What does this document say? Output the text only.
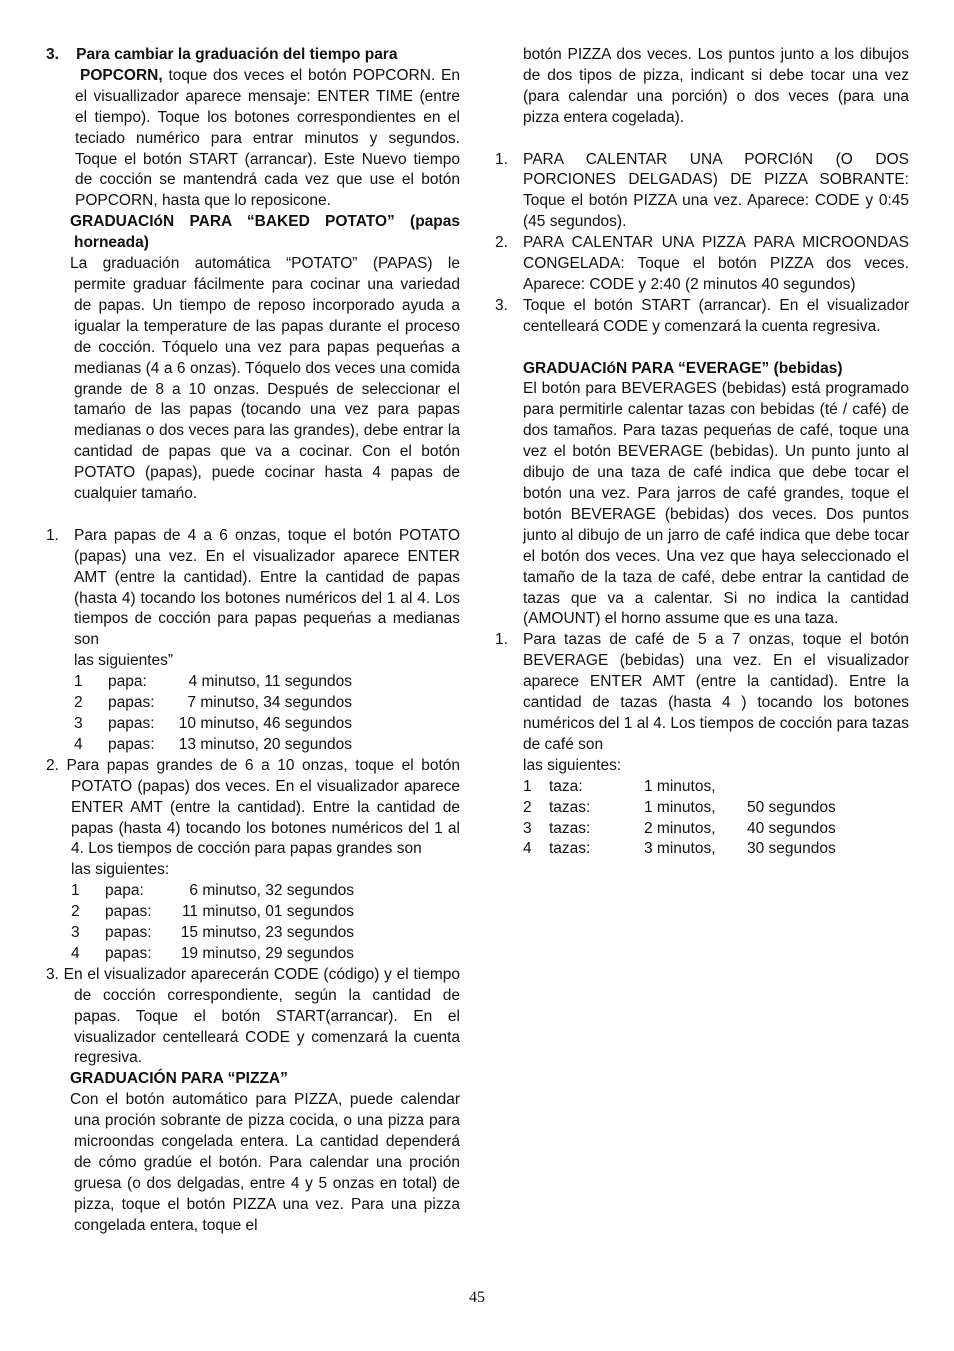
3.    Para cambiar la graduación del tiempo para

POPCORN, toque dos veces el botón POPCORN. En el visuallizador aparece mensaje: ENTER TIME (entre el tiempo). Toque los botones correspondientes en el teciado numérico para entrar minutos y segundos. Toque el botón START (arrancar). Este Nuevo tiempo de cocción se mantendrá cada vez que use el botón POPCORN, hasta que lo reposicone.

GRADUACIóN PARA “BAKED POTATO” (papas horneada)

La graduación automática “POTATO” (PAPAS) le permite graduar fácilmente para cocinar una variedad de papas. Un tiempo de reposo incorporado ayuda a igualar la temperature de las papas durante el proceso de cocción. Tóquelo una vez para papas pequeńas a medianas (4 a 6 onzas). Tóquelo dos veces una comida grande de 8 a 10 onzas. Después de seleccionar el tamańo de las papas (tocando una vez para papas medianas o dos veces para las grandes), debe entrar la cantidad de papas que va a cocinar. Con el botón POTATO (papas), puede cocinar hasta 4 papas de cualquier tamańo.

1. Para papas de 4 a 6 onzas, toque el botón POTATO (papas) una vez. En el visualizador aparece ENTER AMT (entre la cantidad). Entre la cantidad de papas (hasta 4) tocando los botones numéricos del 1 al 4. Los tiempos de cocción para papas pequeńas a medianas son

las siguientes”

1	papa:	4 minutso, 11 segundos
2	papas:	7 minutso, 34 segundos
3	papas:	10 minutso, 46 segundos
4	papas:	13 minutso, 20 segundos

2. Para papas grandes de 6 a 10 onzas, toque el botón POTATO (papas) dos veces. En el visualizador aparece ENTER AMT (entre la cantidad). Entre la cantidad de papas (hasta 4) tocando los botones numéricos del 1 al 4. Los tiempos de cocción para papas grandes son

las siguientes:

1	papa:	6 minutso, 32 segundos
2	papas:	11 minutso, 01 segundos
3	papas:	15 minutso, 23 segundos
4	papas:	19 minutso, 29 segundos

3. En el visualizador aparecerán CODE (código) y el tiempo de cocción correspondiente, según la cantidad de papas. Toque el botón START(arrancar). En el visualizador centelleará CODE y comenzará la cuenta regresiva.

GRADUACIÓN PARA “PIZZA”

Con el botón automático para PIZZA, puede calendar una proción sobrante de pizza cocida, o una pizza para microondas congelada entera. La cantidad dependerá de cómo gradúe el botón. Para calendar una proción gruesa (o dos delgadas, entre 4 y 5 onzas en total) de pizza, toque el botón PIZZA una vez. Para una pizza congelada entera, toque el

botón PIZZA dos veces. Los puntos junto a los dibujos de dos tipos de pizza, indicant si debe tocar una vez (para calendar una porción) o dos veces (para una pizza entera cogelada).

1. PARA CALENTAR UNA PORCIóN (O DOS PORCIONES DELGADAS) DE PIZZA SOBRANTE: Toque el botón PIZZA una vez. Aparece: CODE y 0:45 (45 segundos).

2. PARA CALENTAR UNA PIZZA PARA MICROONDAS CONGELADA: Toque el botón PIZZA dos veces. Aparece: CODE y 2:40 (2 minutos 40 segundos)

3. Toque el botón START (arrancar). En el visualizador centelleará CODE y comenzará la cuenta regresiva.

GRADUACIóN PARA “EVERAGE” (bebidas)

El botón para BEVERAGES (bebidas) está programado para permitirle calentar tazas con bebidas (té / café) de dos tamaños. Para tazas pequeńas de café, toque una vez el botón BEVERAGE (bebidas). Un punto junto al dibujo de una taza de café indica que debe tocar el botón una vez. Para jarros de café grandes, toque el botón BEVERAGE (bebidas) dos veces. Dos puntos junto al dibujo de un jarro de café indica que debe tocar el botón dos veces. Una vez que haya seleccionado el tamaño de la taza de café, debe entrar la cantidad de tazas que va a calentar. Si no indica la cantidad (AMOUNT) el horno assume que es una taza.

1. Para tazas de café de 5 a 7 onzas, toque el botón BEVERAGE (bebidas) una vez. En el visualizador aparece ENTER AMT (entre la cantidad). Entre la cantidad de tazas (hasta 4 ) tocando los botones numéricos del 1 al 4. Los tiempos de cocción para tazas de café son

las siguientes:

1	taza:	1 minutos,	
2	tazas:	1 minutos,	50 segundos
3	tazas:	2 minutos,	40 segundos
4	tazas:	3 minutos,	30 segundos
45
